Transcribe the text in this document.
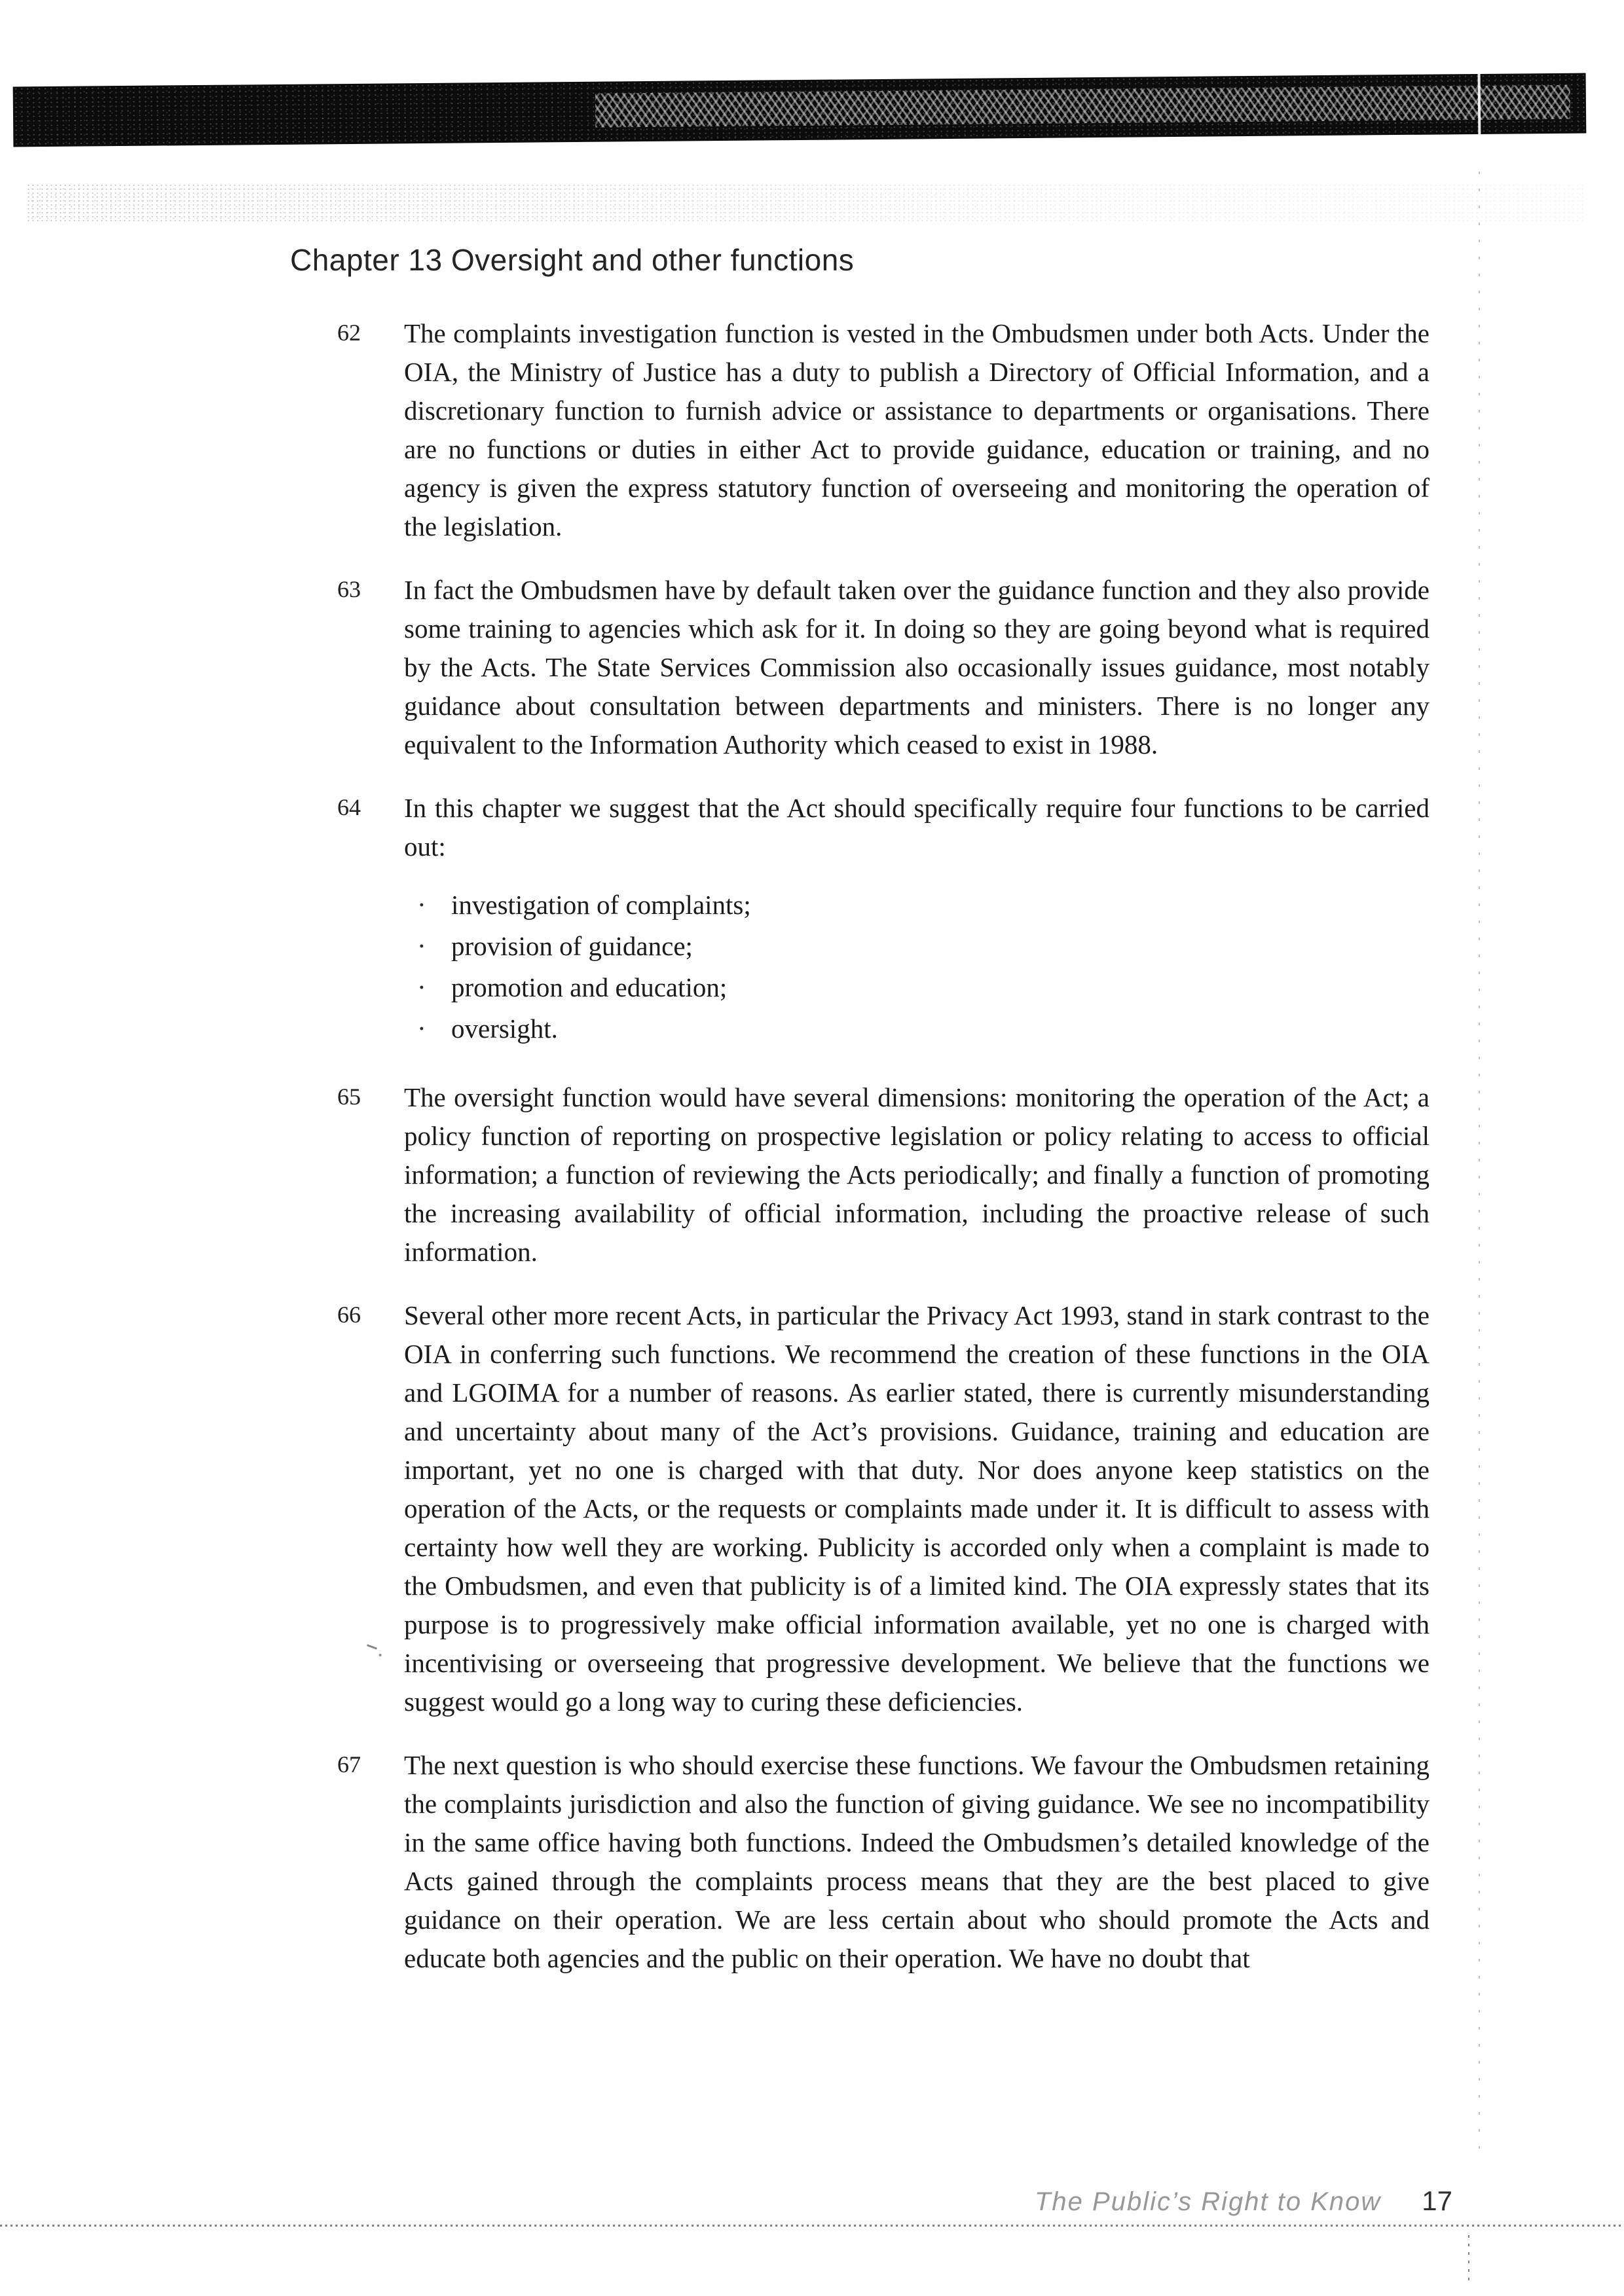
Chapter 13 Oversight and other functions
62 The complaints investigation function is vested in the Ombudsmen under both Acts. Under the OIA, the Ministry of Justice has a duty to publish a Directory of Official Information, and a discretionary function to furnish advice or assistance to departments or organisations. There are no functions or duties in either Act to provide guidance, education or training, and no agency is given the express statutory function of overseeing and monitoring the operation of the legislation.
63 In fact the Ombudsmen have by default taken over the guidance function and they also provide some training to agencies which ask for it. In doing so they are going beyond what is required by the Acts. The State Services Commission also occasionally issues guidance, most notably guidance about consultation between departments and ministers. There is no longer any equivalent to the Information Authority which ceased to exist in 1988.
64 In this chapter we suggest that the Act should specifically require four functions to be carried out:
· investigation of complaints;
· provision of guidance;
· promotion and education;
· oversight.
65 The oversight function would have several dimensions: monitoring the operation of the Act; a policy function of reporting on prospective legislation or policy relating to access to official information; a function of reviewing the Acts periodically; and finally a function of promoting the increasing availability of official information, including the proactive release of such information.
66 Several other more recent Acts, in particular the Privacy Act 1993, stand in stark contrast to the OIA in conferring such functions. We recommend the creation of these functions in the OIA and LGOIMA for a number of reasons. As earlier stated, there is currently misunderstanding and uncertainty about many of the Act’s provisions. Guidance, training and education are important, yet no one is charged with that duty. Nor does anyone keep statistics on the operation of the Acts, or the requests or complaints made under it. It is difficult to assess with certainty how well they are working. Publicity is accorded only when a complaint is made to the Ombudsmen, and even that publicity is of a limited kind. The OIA expressly states that its purpose is to progressively make official information available, yet no one is charged with incentivising or overseeing that progressive development. We believe that the functions we suggest would go a long way to curing these deficiencies.
67 The next question is who should exercise these functions. We favour the Ombudsmen retaining the complaints jurisdiction and also the function of giving guidance. We see no incompatibility in the same office having both functions. Indeed the Ombudsmen’s detailed knowledge of the Acts gained through the complaints process means that they are the best placed to give guidance on their operation. We are less certain about who should promote the Acts and educate both agencies and the public on their operation. We have no doubt that
The Public’s Right to Know 17
